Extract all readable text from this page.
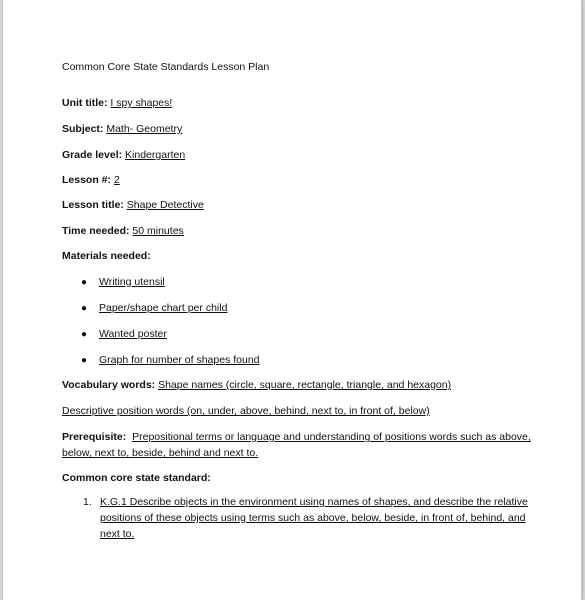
Common Core State Standards Lesson Plan
Unit title: I spy shapes!
Subject: Math- Geometry
Grade level: Kindergarten
Lesson #: 2
Lesson title: Shape Detective
Time needed: 50 minutes
Materials needed:
● Writing utensil
● Paper/shape chart per child
● Wanted poster
● Graph for number of shapes found
Vocabulary words: Shape names (circle, square, rectangle, triangle, and hexagon)
Descriptive position words (on, under, above, behind, next to, in front of, below)
Prerequisite: Prepositional terms or language and understanding of positions words such as above,
below, next to, beside, behind and next to.
Common core state standard:
1. K.G.1 Describe objects in the environment using names of shapes, and describe the relative positions of these objects using terms such as above, below, beside, in front of, behind, and next to.
